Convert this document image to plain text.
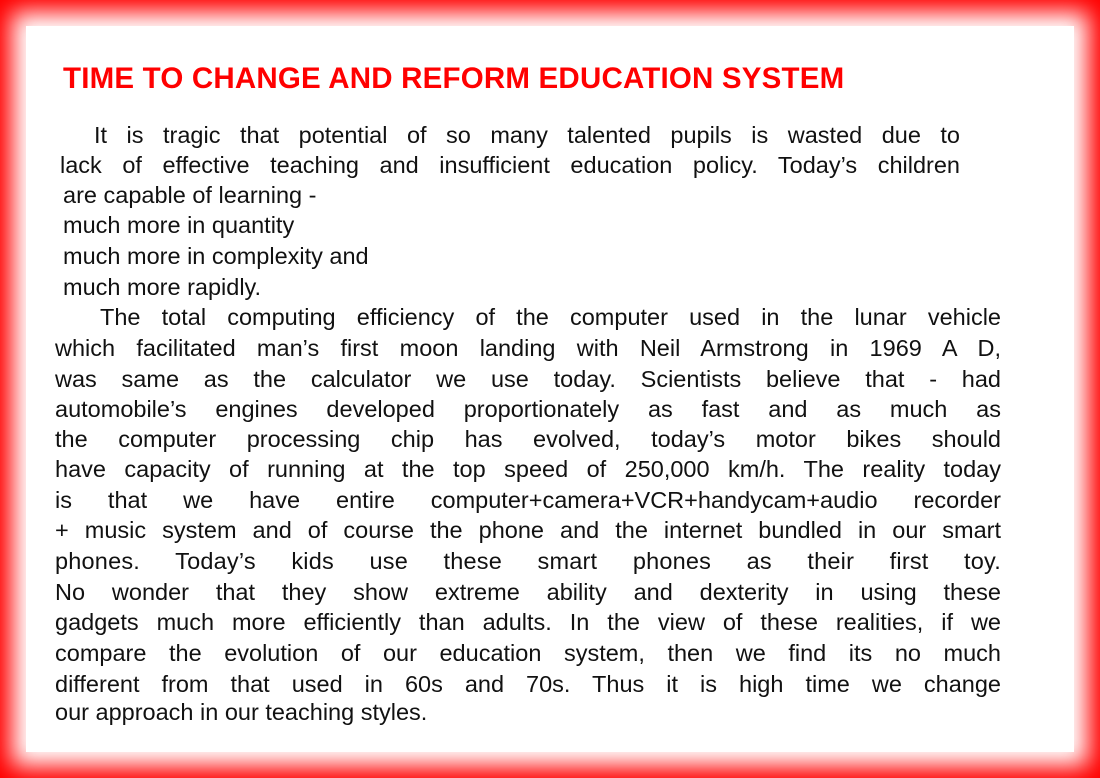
TIME TO CHANGE AND REFORM EDUCATION SYSTEM
It is tragic that potential of so many talented pupils is wasted due to
lack of effective teaching and insufficient education policy. Today’s children
are capable of learning -
much more in quantity
much more in complexity and
much more rapidly.
The total computing efficiency of the computer used in the lunar vehicle
which facilitated man’s first moon landing with Neil Armstrong in 1969 A D,
was same as the calculator we use today. Scientists believe that - had
automobile’s engines developed proportionately as fast and as much as
the computer processing chip has evolved, today’s motor bikes should
have capacity of running at the top speed of 250,000 km/h. The reality today
is that we have entire computer+camera+VCR+handycam+audio recorder
+ music system and of course the phone and the internet bundled in our smart
phones. Today’s kids use these smart phones as their first toy.
No wonder that they show extreme ability and dexterity in using these
gadgets much more efficiently than adults. In the view of these realities, if we
compare the evolution of our education system, then we find its no much
different from that used in 60s and 70s. Thus it is high time we change
our approach in our teaching styles.
